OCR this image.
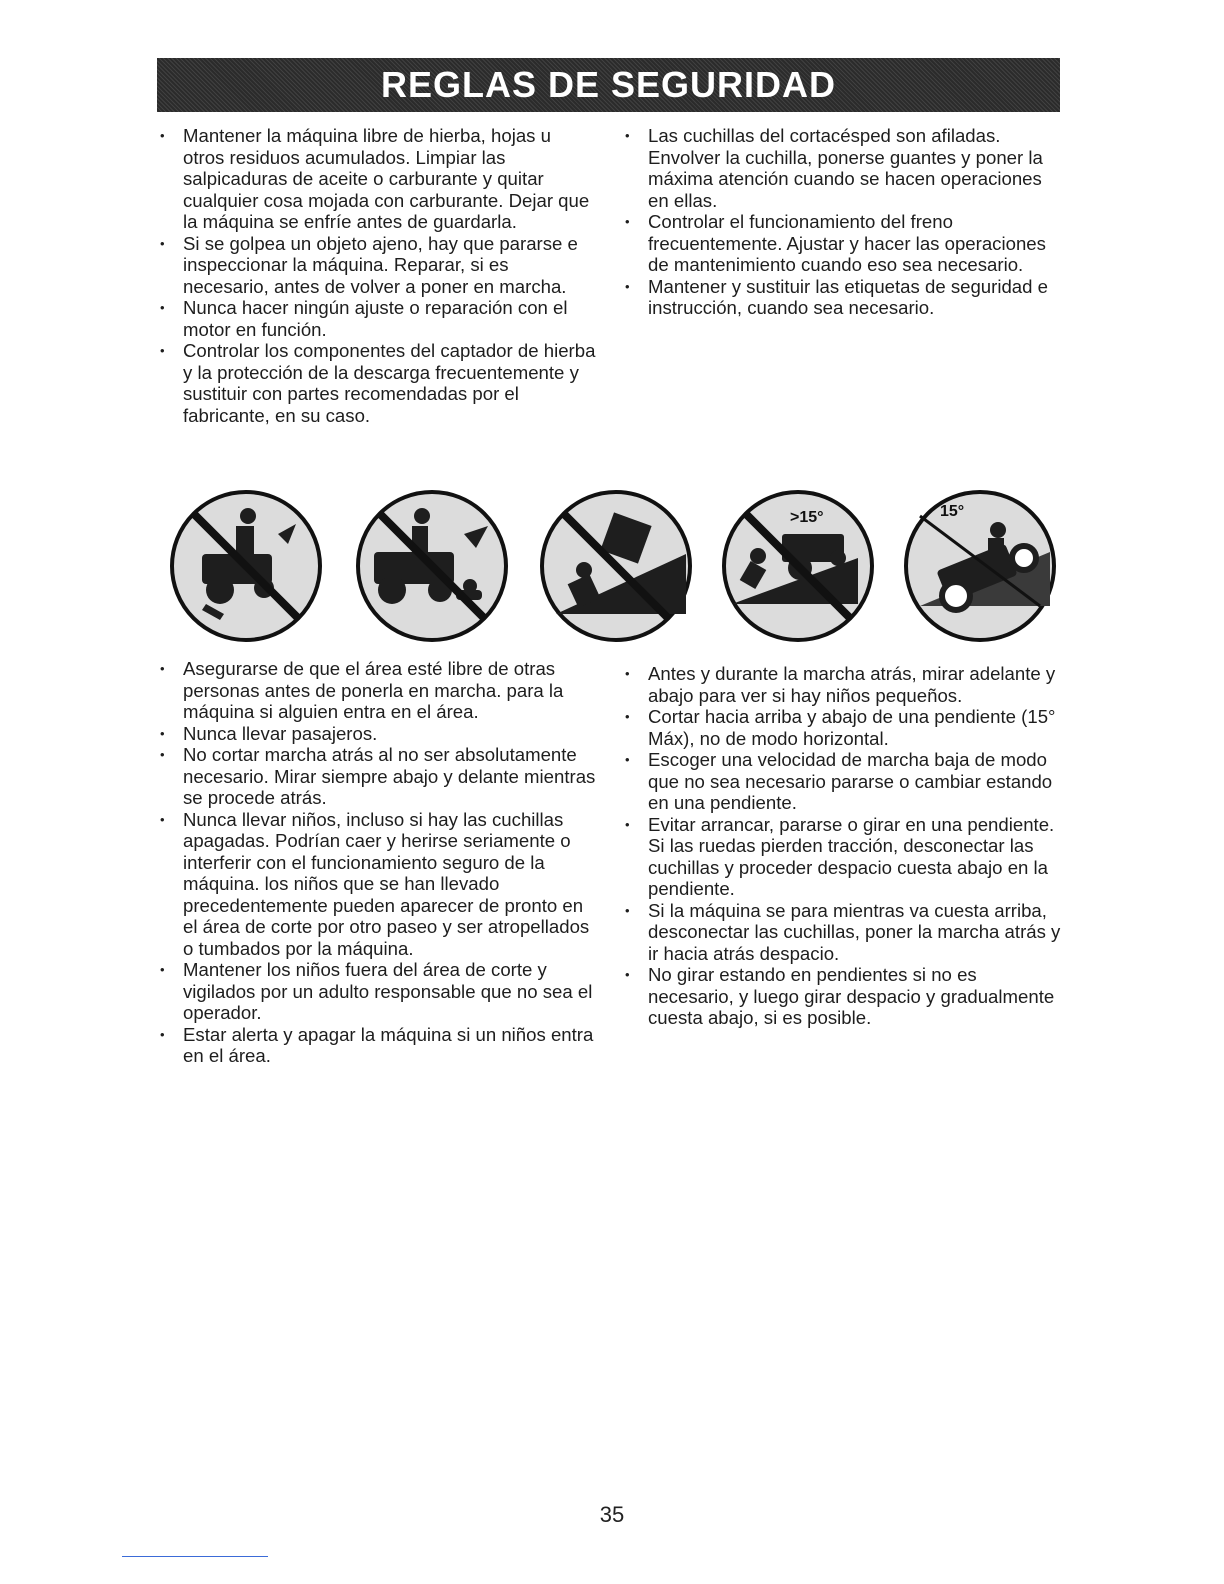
REGLAS DE SEGURIDAD
• Mantener la máquina libre de hierba, hojas u otros residuos acumulados. Limpiar las salpicaduras de aceite o carburante y quitar cualquier cosa mojada con carburante. Dejar que la máquina se enfríe antes de guardarla.
• Si se golpea un objeto ajeno, hay que pararse e inspeccionar la máquina. Reparar, si es necesario, antes de volver a poner en marcha.
• Nunca hacer ningún ajuste o reparación con el motor en función.
• Controlar los componentes del captador de hierba y la protección de la descarga frecuentemente y sustituir con partes recomendadas por el fabricante, en su caso.
• Las cuchillas del cortacésped son afiladas. Envolver la cuchilla, ponerse guantes y poner la máxima atención cuando se hacen operaciones en ellas.
• Controlar el funcionamiento del freno frecuentemente. Ajustar y hacer las operaciones de mantenimiento cuando eso sea necesario.
• Mantener y sustituir las etiquetas de seguridad e instrucción, cuando sea necesario.
>15°	15°
• Asegurarse de que el área esté libre de otras personas antes de ponerla en marcha. para la máquina si alguien entra en el área.
• Nunca llevar pasajeros.
• No cortar marcha atrás al no ser absolutamente necesario. Mirar siempre abajo y delante mientras se procede atrás.
• Nunca llevar niños, incluso si hay las cuchillas apagadas. Podrían caer y herirse seriamente o interferir con el funcionamiento seguro de la máquina. los niños que se han llevado precedentemente pueden aparecer de pronto en el área de corte por otro paseo y ser atropellados o tumbados por la máquina.
• Mantener los niños fuera del área de corte y vigilados por un adulto responsable que no sea el operador.
• Estar alerta y apagar la máquina si un niños entra en el área.
• Antes y durante la marcha atrás, mirar adelante y abajo para ver si hay niños pequeños.
• Cortar hacia arriba y abajo de una pendiente (15° Máx), no de modo horizontal.
• Escoger una velocidad de marcha baja de modo que no sea necesario pararse o cambiar estando en una pendiente.
• Evitar arrancar, pararse o girar en una pendiente. Si las ruedas pierden tracción, desconectar las cuchillas y proceder despacio cuesta abajo en la pendiente.
• Si la máquina se para mientras va cuesta arriba, desconectar las cuchillas, poner la marcha atrás y ir hacia atrás despacio.
• No girar estando en pendientes si no es necesario, y luego girar despacio y gradualmente cuesta abajo, si es posible.
35
